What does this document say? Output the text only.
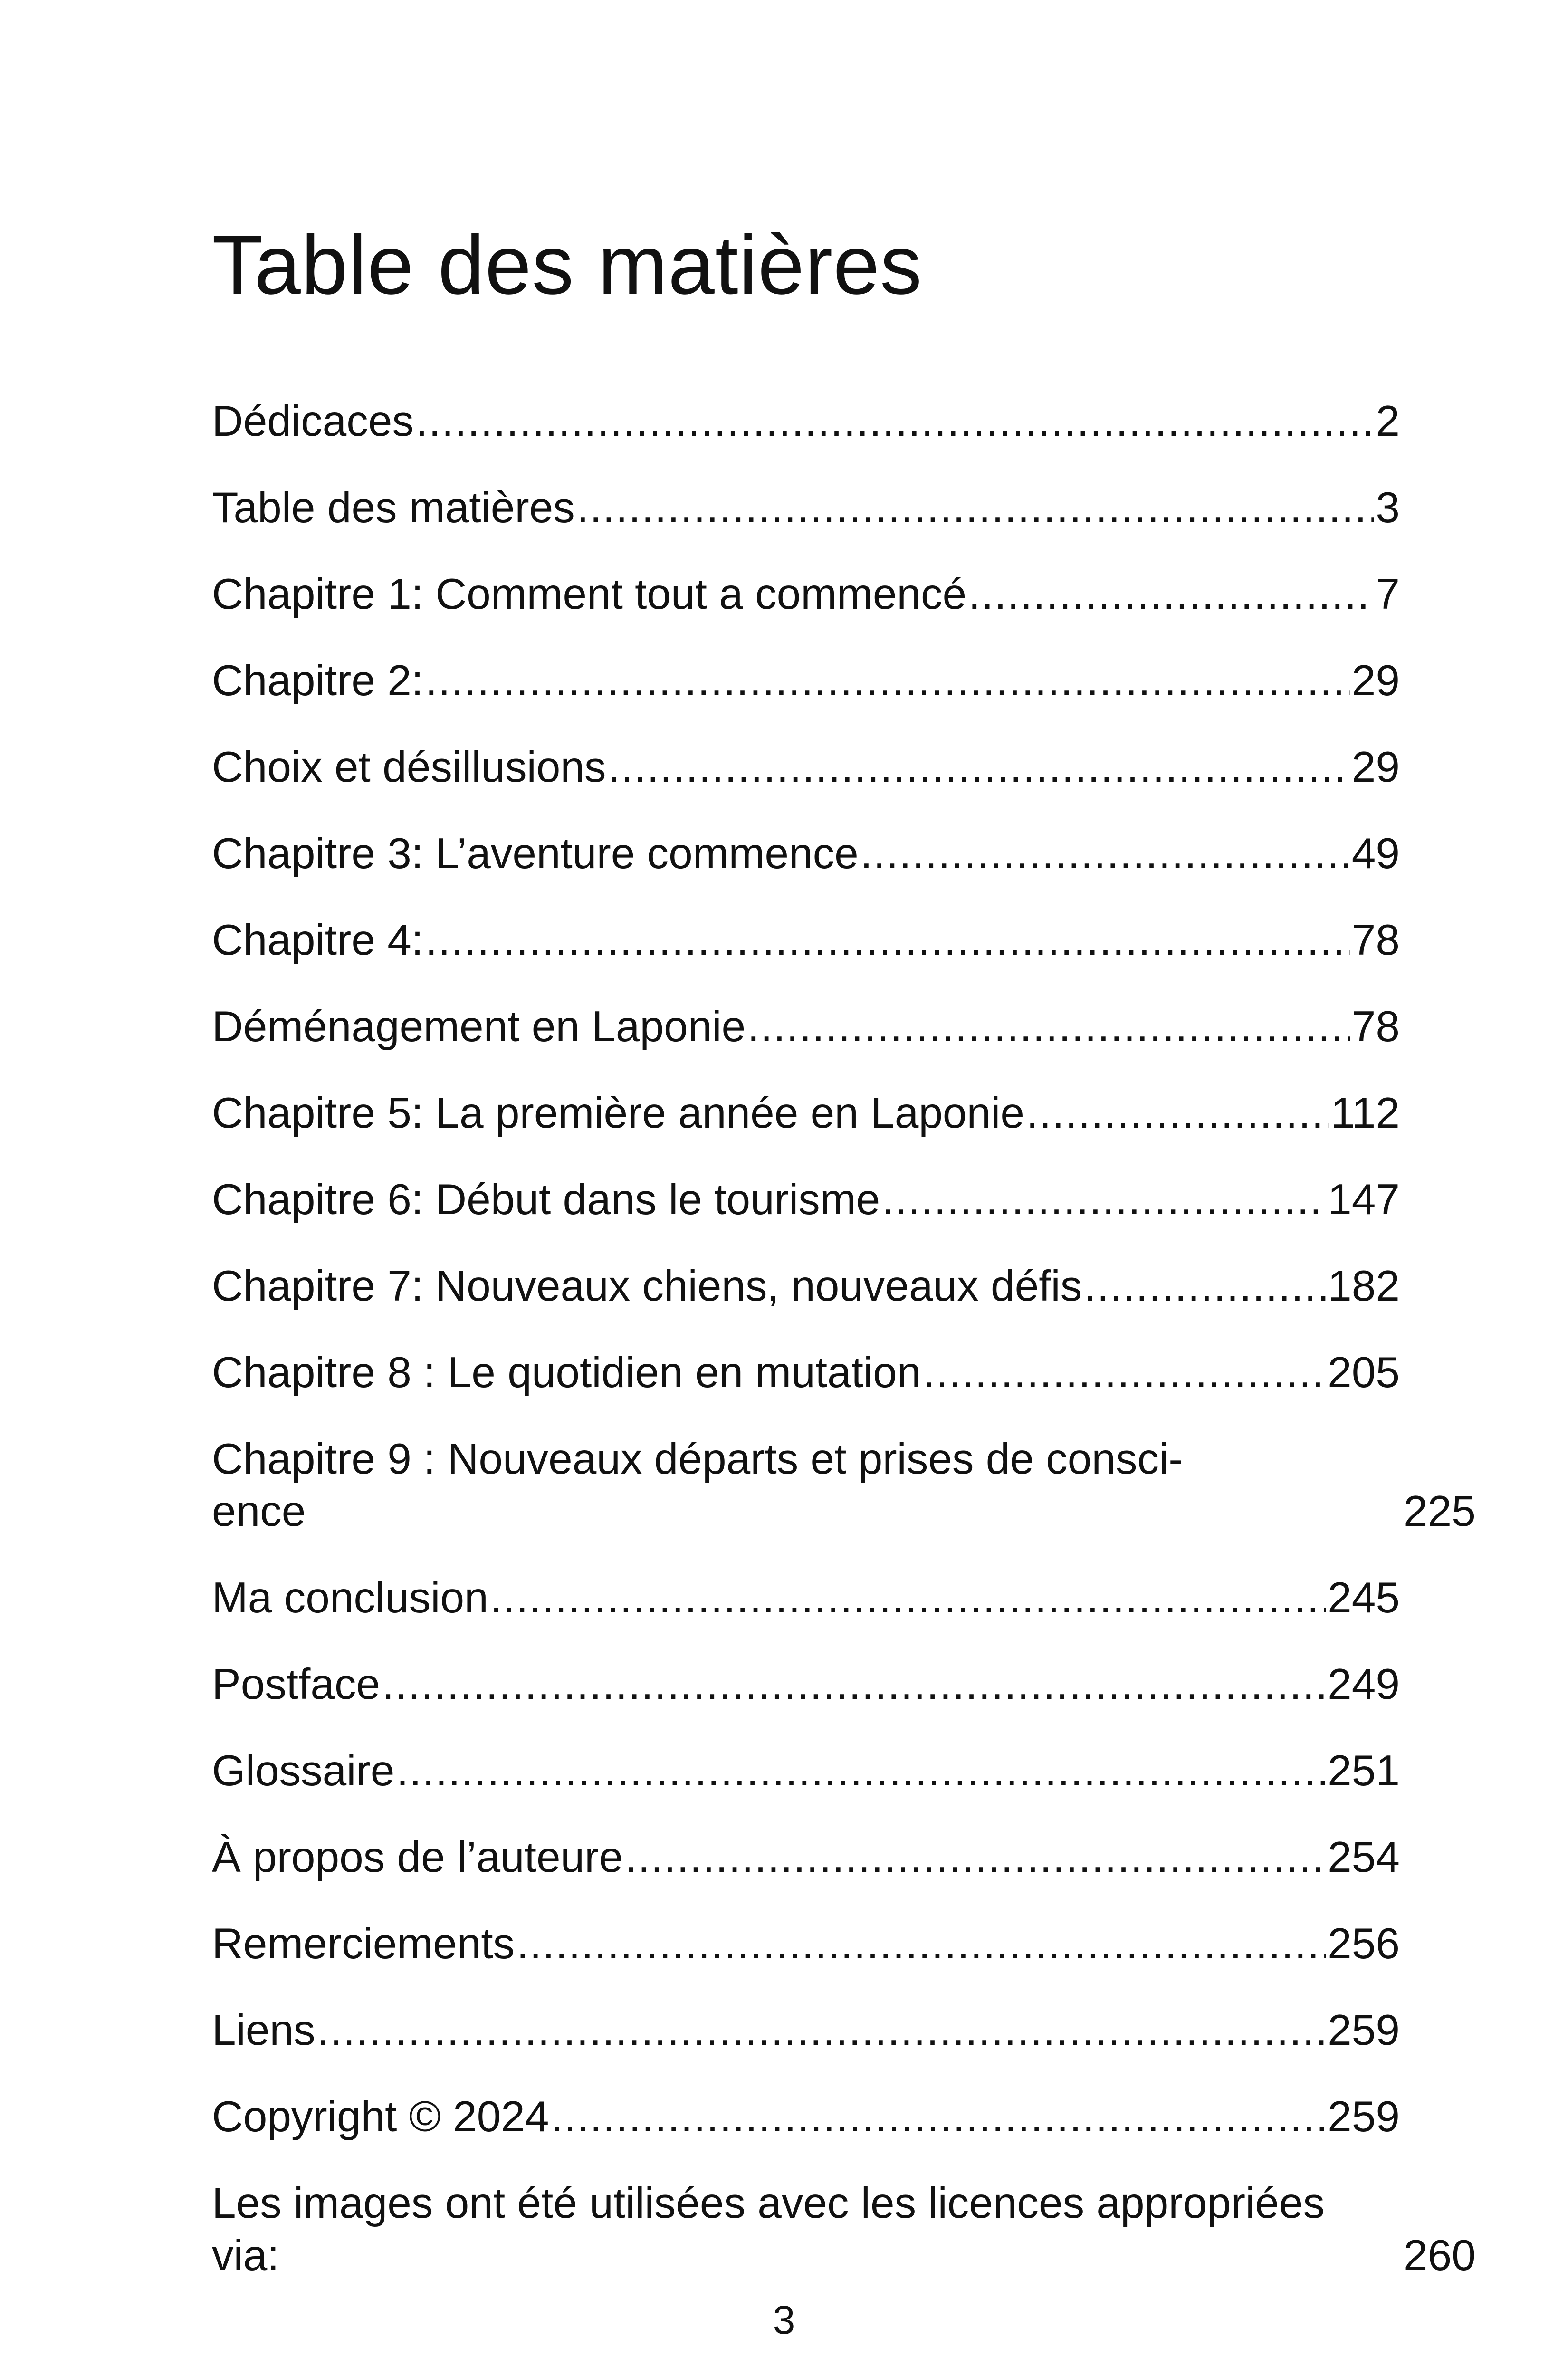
Table des matières
Dédicaces .....	2
Table des matières .....	3
Chapitre 1: Comment tout a commencé .....	7
Chapitre 2: .....	29
Choix et désillusions .....	29
Chapitre 3: L’aventure commence .....	49
Chapitre 4: .....	78
Déménagement en Laponie .....	78
Chapitre 5: La première année en Laponie .....	112
Chapitre 6: Début dans le tourisme .....	147
Chapitre 7: Nouveaux chiens, nouveaux défis .....	182
Chapitre 8 : Le quotidien en mutation .....	205
Chapitre 9 : Nouveaux départs et prises de consci-
ence	225
Ma conclusion .....	245
Postface .....	249
Glossaire .....	251
À propos de l’auteure .....	254
Remerciements .....	256
Liens .....	259
Copyright © 2024 .....	259
Les images ont été utilisées avec les licences appropriées
via:	260
3
